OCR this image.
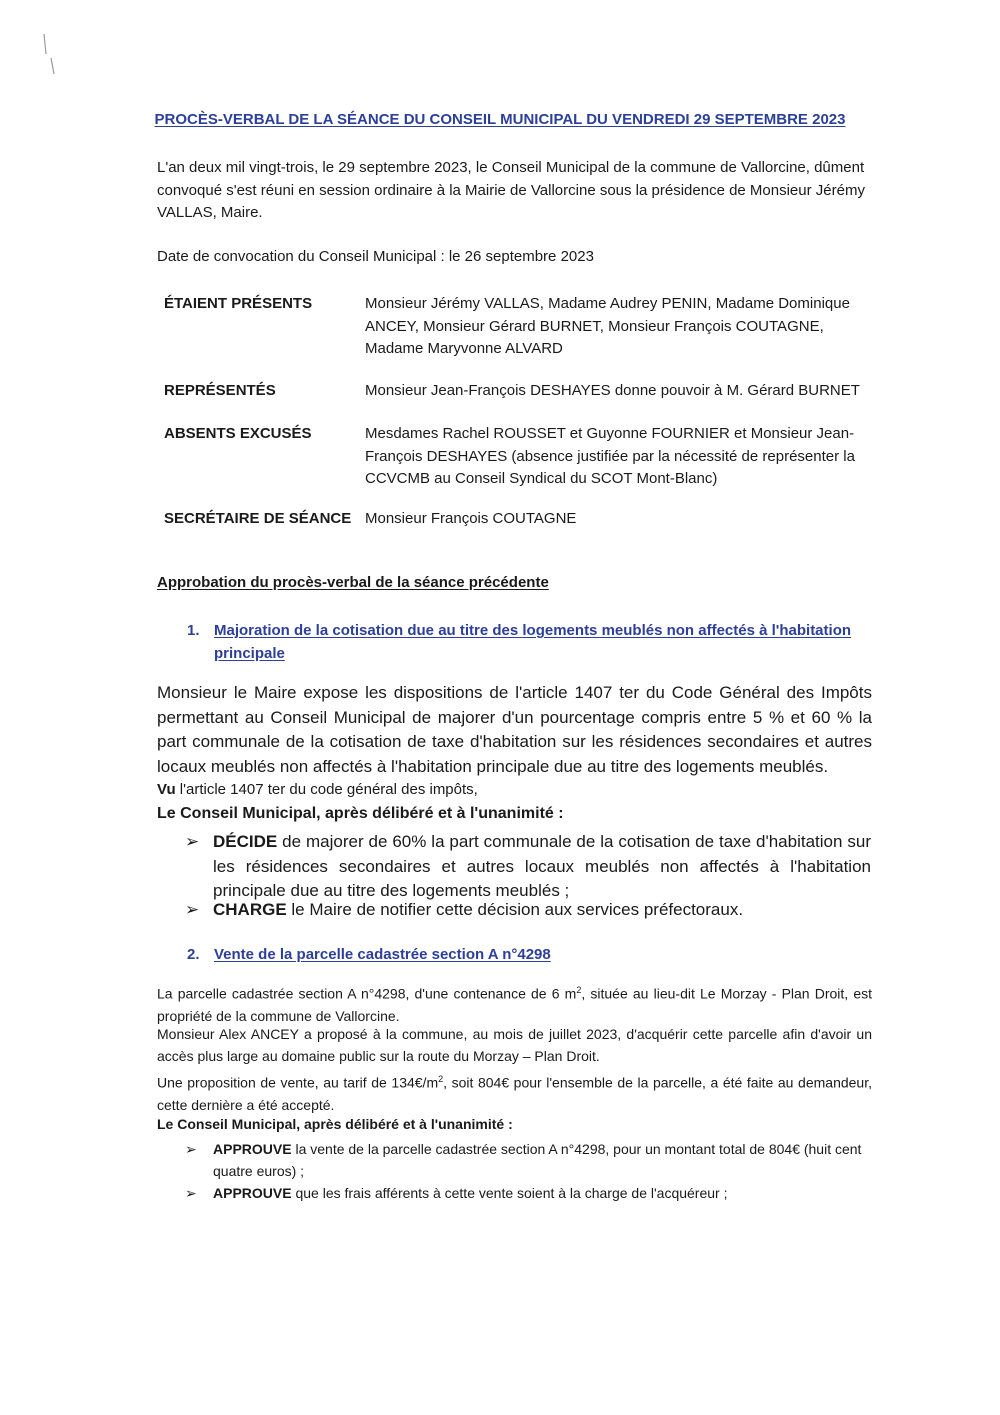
PROCÈS-VERBAL DE LA SÉANCE DU CONSEIL MUNICIPAL DU VENDREDI 29 SEPTEMBRE 2023
L'an deux mil vingt-trois, le 29 septembre 2023, le Conseil Municipal de la commune de Vallorcine, dûment convoqué s'est réuni en session ordinaire à la Mairie de Vallorcine sous la présidence de Monsieur Jérémy VALLAS, Maire.
Date de convocation du Conseil Municipal : le 26 septembre 2023
ÉTAIENT PRÉSENTS	Monsieur Jérémy VALLAS, Madame Audrey PENIN, Madame Dominique ANCEY, Monsieur Gérard BURNET, Monsieur François COUTAGNE, Madame Maryvonne ALVARD
REPRÉSENTÉS	Monsieur Jean-François DESHAYES donne pouvoir à M. Gérard BURNET
ABSENTS EXCUSÉS	Mesdames Rachel ROUSSET et Guyonne FOURNIER et Monsieur Jean-François DESHAYES (absence justifiée par la nécessité de représenter la CCVCMB au Conseil Syndical du SCOT Mont-Blanc)
SECRÉTAIRE DE SÉANCE Monsieur François COUTAGNE
Approbation du procès-verbal de la séance précédente
1. Majoration de la cotisation due au titre des logements meublés non affectés à l'habitation principale
Monsieur le Maire expose les dispositions de l'article 1407 ter du Code Général des Impôts permettant au Conseil Municipal de majorer d'un pourcentage compris entre 5 % et 60 % la part communale de la cotisation de taxe d'habitation sur les résidences secondaires et autres locaux meublés non affectés à l'habitation principale due au titre des logements meublés.
Vu l'article 1407 ter du code général des impôts,
Le Conseil Municipal, après délibéré et à l'unanimité :
➢ DÉCIDE de majorer de 60% la part communale de la cotisation de taxe d'habitation sur les résidences secondaires et autres locaux meublés non affectés à l'habitation principale due au titre des logements meublés ;
➢ CHARGE le Maire de notifier cette décision aux services préfectoraux.
2. Vente de la parcelle cadastrée section A n°4298
La parcelle cadastrée section A n°4298, d'une contenance de 6 $m^2$, située au lieu-dit Le Morzay - Plan Droit, est propriété de la commune de Vallorcine.
Monsieur Alex ANCEY a proposé à la commune, au mois de juillet 2023, d'acquérir cette parcelle afin d'avoir un accès plus large au domaine public sur la route du Morzay – Plan Droit.
Une proposition de vente, au tarif de $134€/m^2$, soit 804€ pour l'ensemble de la parcelle, a été faite au demandeur, cette dernière a été accepté.
Le Conseil Municipal, après délibéré et à l'unanimité :
➢ APPROUVE la vente de la parcelle cadastrée section A n°4298, pour un montant total de 804€ (huit cent quatre euros) ;
➢ APPROUVE que les frais afférents à cette vente soient à la charge de l'acquéreur ;
